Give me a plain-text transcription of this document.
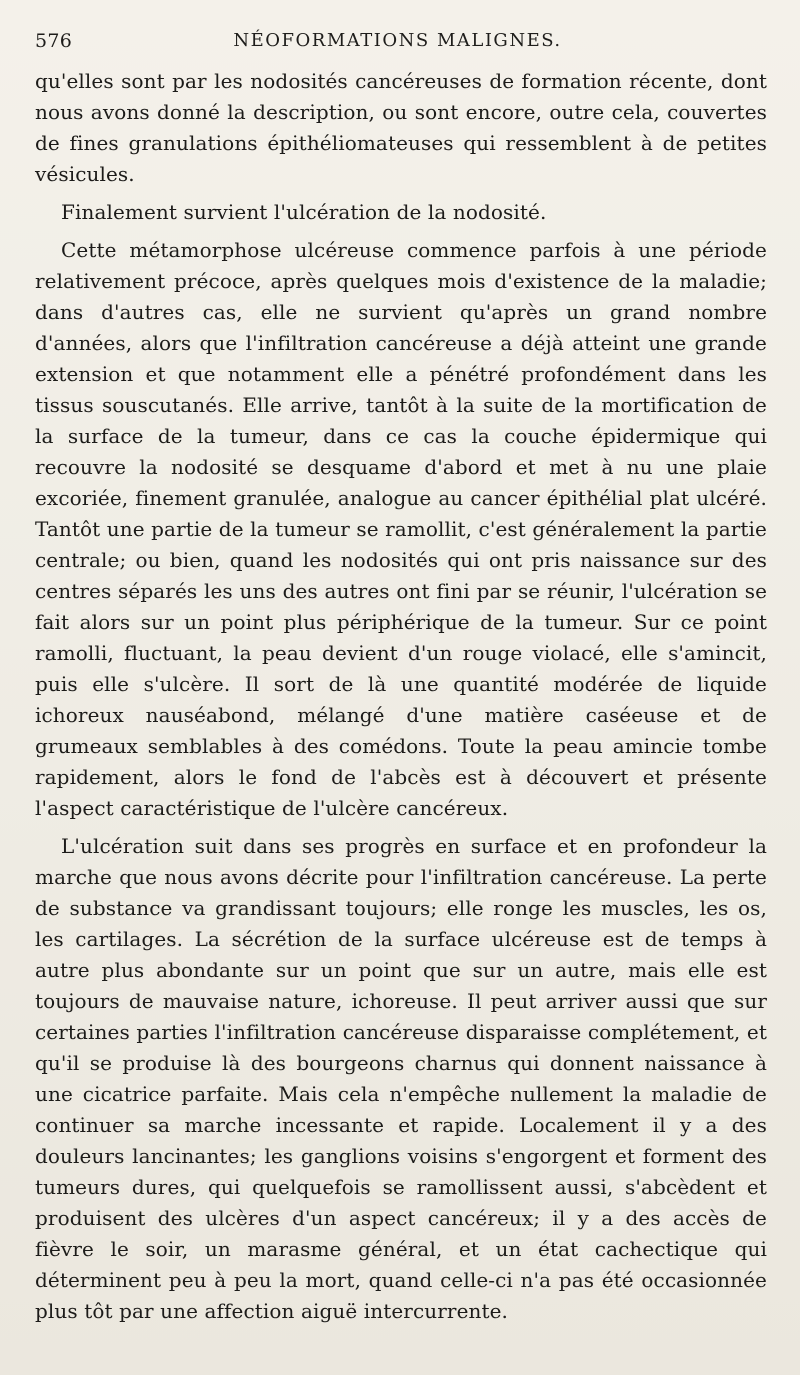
576	NÉOFORMATIONS MALIGNES.

qu'elles sont par les nodosités cancéreuses de formation récente, dont nous avons donné la description, ou sont encore, outre cela, couvertes de fines granulations épithéliomateuses qui ressemblent à de petites vésicules.

Finalement survient l'ulcération de la nodosité.

Cette métamorphose ulcéreuse commence parfois à une période relativement précoce, après quelques mois d'existence de la maladie; dans d'autres cas, elle ne survient qu'après un grand nombre d'années, alors que l'infiltration cancéreuse a déjà atteint une grande extension et que notamment elle a pénétré profondément dans les tissus souscutanés. Elle arrive, tantôt à la suite de la mortification de la surface de la tumeur, dans ce cas la couche épidermique qui recouvre la nodosité se desquame d'abord et met à nu une plaie excoriée, finement granulée, analogue au cancer épithélial plat ulcéré. Tantôt une partie de la tumeur se ramollit, c'est généralement la partie centrale; ou bien, quand les nodosités qui ont pris naissance sur des centres séparés les uns des autres ont fini par se réunir, l'ulcération se fait alors sur un point plus périphérique de la tumeur. Sur ce point ramolli, fluctuant, la peau devient d'un rouge violacé, elle s'amincit, puis elle s'ulcère. Il sort de là une quantité modérée de liquide ichoreux nauséabond, mélangé d'une matière caséeuse et de grumeaux semblables à des comédons. Toute la peau amincie tombe rapidement, alors le fond de l'abcès est à découvert et présente l'aspect caractéristique de l'ulcère cancéreux.

L'ulcération suit dans ses progrès en surface et en profondeur la marche que nous avons décrite pour l'infiltration cancéreuse. La perte de substance va grandissant toujours; elle ronge les muscles, les os, les cartilages. La sécrétion de la surface ulcéreuse est de temps à autre plus abondante sur un point que sur un autre, mais elle est toujours de mauvaise nature, ichoreuse. Il peut arriver aussi que sur certaines parties l'infiltration cancéreuse disparaisse complétement, et qu'il se produise là des bourgeons charnus qui donnent naissance à une cicatrice parfaite. Mais cela n'empêche nullement la maladie de continuer sa marche incessante et rapide. Localement il y a des douleurs lancinantes; les ganglions voisins s'engorgent et forment des tumeurs dures, qui quelquefois se ramollissent aussi, s'abcèdent et produisent des ulcères d'un aspect cancéreux; il y a des accès de fièvre le soir, un marasme général, et un état cachectique qui déterminent peu à peu la mort, quand celle-ci n'a pas été occasionnée plus tôt par une affection aiguë intercurrente.
